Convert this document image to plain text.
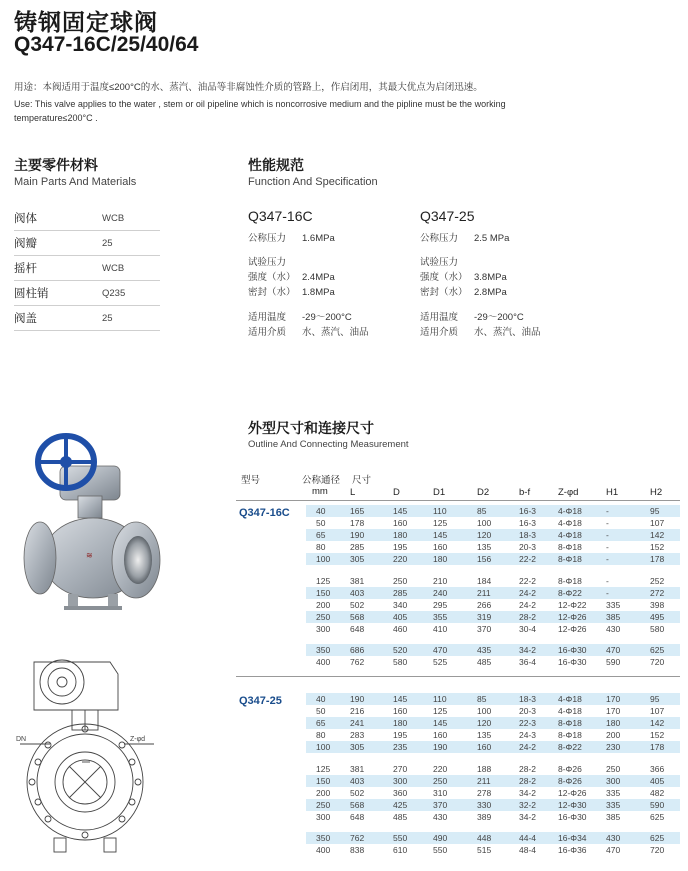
铸钢固定球阀
Q347-16C/25/40/64
用途：本阀适用于温度≤200°C的水、蒸汽、油品等非腐蚀性介质的管路上，作启闭用，其最大优点为启闭迅速。
Use: This valve applies to the water , stem or oil pipeline which is noncorrosive medium and the pipline must be the working temperature≤200°C .
主要零件材料
Main Parts And Materials
阀体	WCB
阀瓣	25
摇杆	WCB
圆柱销	Q235
阀盖	25
性能规范
Function And Specification
Q347-16C
公称压力 1.6MPa
试验压力
强度（水） 2.4MPa
密封（水） 1.8MPa
适用温度 -29～200°C
适用介质 水、蒸汽、油品
Q347-25
公称压力 2.5 MPa
试验压力
强度（水） 3.8MPa
密封（水） 2.8MPa
适用温度 -29～200°C
适用介质 水、蒸汽、油品
≋
DN	Z-φd
外型尺寸和连接尺寸
Outline And Connecting Measurement
型号	公称通径
mm
尺寸
L	D	D1	D2	b-f	Z-φd	H1	H2
Q347-16C	40	165	145	110	85	16-3	4-Φ18	-	95
50	178	160	125	100	16-3	4-Φ18	-	107
65	190	180	145	120	18-3	4-Φ18	-	142
80	285	195	160	135	20-3	8-Φ18	-	152
100 305	220	180	156	22-2	8-Φ18	-	178
125 381	250	210	184	22-2	8-Φ18	-	252
150 403	285	240	211	24-2	8-Φ22	-	272
200 502	340	295	266	24-2	12-Φ22 335	398
250 568	405	355	319	28-2	12-Φ26 385	495
300 648	460	410	370	30-4	12-Φ26 430	580
350 686	520	470	435	34-2	16-Φ30 470	625
400 762	580	525	485	36-4	16-Φ30 590	720
Q347-25	40	190	145	110	85	18-3	4-Φ18	170	95
50	216	160	125	100	20-3	4-Φ18	170	107
65	241	180	145	120	22-3	8-Φ18	180	142
80	283	195	160	135	24-3	8-Φ18	200	152
100 305	235	190	160	24-2	8-Φ22	230	178
125 381	270	220	188	28-2	8-Φ26	250	366
150 403	300	250	211	28-2	8-Φ26	300	405
200 502	360	310	278	34-2	12-Φ26 335	482
250 568	425	370	330	32-2	12-Φ30 335	590
300 648	485	430	389	34-2	16-Φ30 385	625
350 762	550	490	448	44-4	16-Φ34 430	625
400 838	610	550	515	48-4	16-Φ36 470	720
